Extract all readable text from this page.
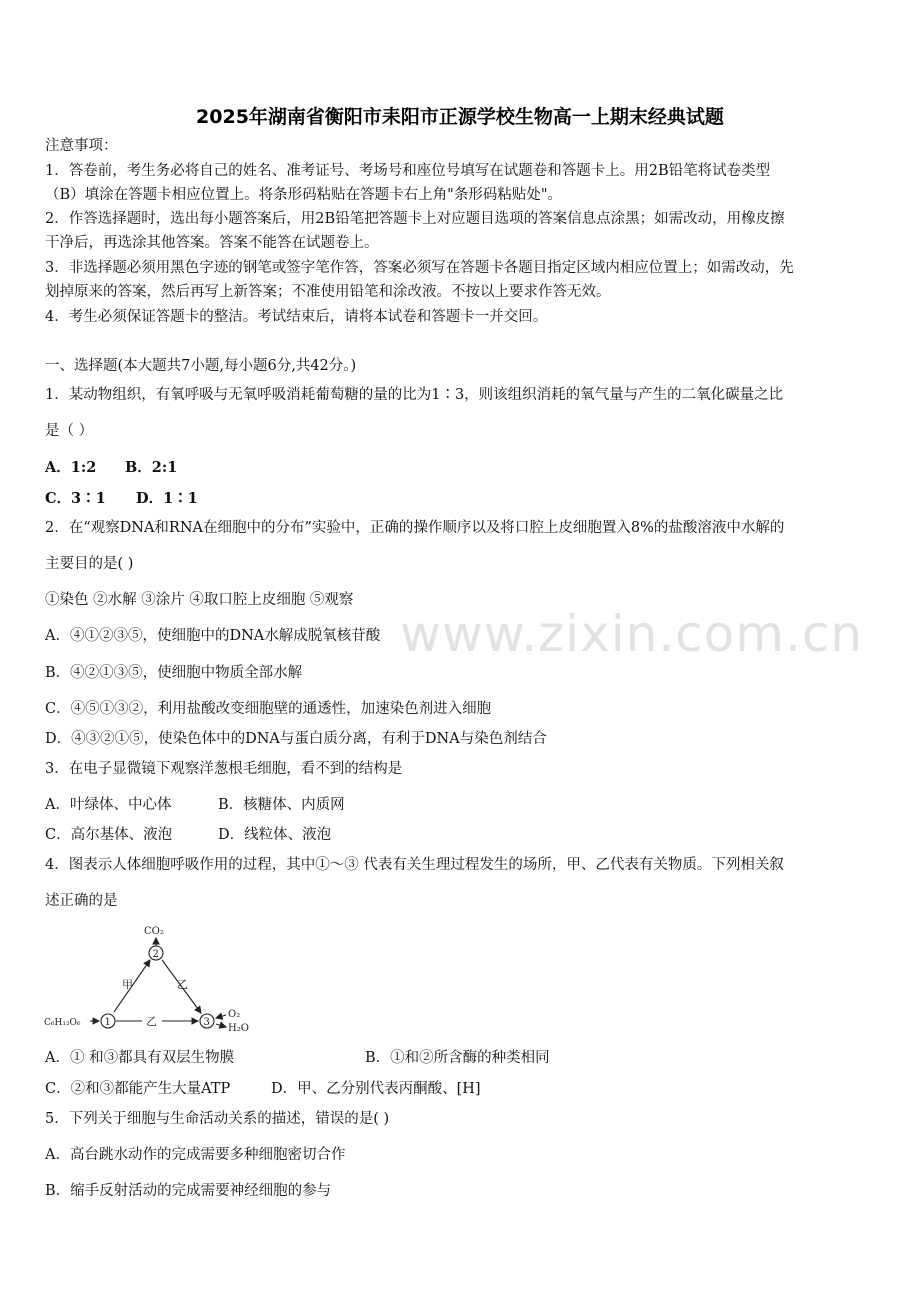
2025年湖南省衡阳市耒阳市正源学校生物高一上期末经典试题
注意事项：
1．答卷前，考生务必将自己的姓名、准考证号、考场号和座位号填写在试题卷和答题卡上。用2B铅笔将试卷类型
（B）填涂在答题卡相应位置上。将条形码粘贴在答题卡右上角"条形码粘贴处"。
2．作答选择题时，选出每小题答案后，用2B铅笔把答题卡上对应题目选项的答案信息点涂黑；如需改动，用橡皮擦
干净后，再选涂其他答案。答案不能答在试题卷上。
3．非选择题必须用黑色字迹的钢笔或签字笔作答，答案必须写在答题卡各题目指定区域内相应位置上；如需改动，先
划掉原来的答案，然后再写上新答案；不准使用铅笔和涂改液。不按以上要求作答无效。
4．考生必须保证答题卡的整洁。考试结束后，请将本试卷和答题卡一并交回。
一、选择题(本大题共7小题,每小题6分,共42分。)
1．某动物组织，有氧呼吸与无氧呼吸消耗葡萄糖的量的比为1∶3，则该组织消耗的氧气量与产生的二氧化碳量之比
是（ ）
A．1:2 B．2:1
C．3∶1 D．1∶1
2．在“观察DNA和RNA在细胞中的分布”实验中，正确的操作顺序以及将口腔上皮细胞置入8%的盐酸溶液中水解的
主要目的是( )
①染色 ②水解 ③涂片 ④取口腔上皮细胞 ⑤观察
A．④①②③⑤，使细胞中的DNA水解成脱氧核苷酸
B．④②①③⑤，使细胞中物质全部水解
C．④⑤①③②，利用盐酸改变细胞壁的通透性，加速染色剂进入细胞
D．④③②①⑤，使染色体中的DNA与蛋白质分离，有利于DNA与染色剂结合
www.zixin.com.cn
3．在电子显微镜下观察洋葱根毛细胞，看不到的结构是
A．叶绿体、中心体	B．核糖体、内质网
C．高尔基体、液泡	D．线粒体、液泡
4．图表示人体细胞呼吸作用的过程，其中①～③ 代表有关生理过程发生的场所，甲、乙代表有关物质。下列相关叙
述正确的是
CO₂
2
甲	乙
C₆H₁₂O₆ 1	乙	3
O₂
H₂O
A．① 和③都具有双层生物膜	B．①和②所含酶的种类相同
C．②和③都能产生大量ATP	D．甲、乙分别代表丙酮酸、[H]
5．下列关于细胞与生命活动关系的描述，错误的是( )
A．高台跳水动作的完成需要多种细胞密切合作
B．缩手反射活动的完成需要神经细胞的参与
